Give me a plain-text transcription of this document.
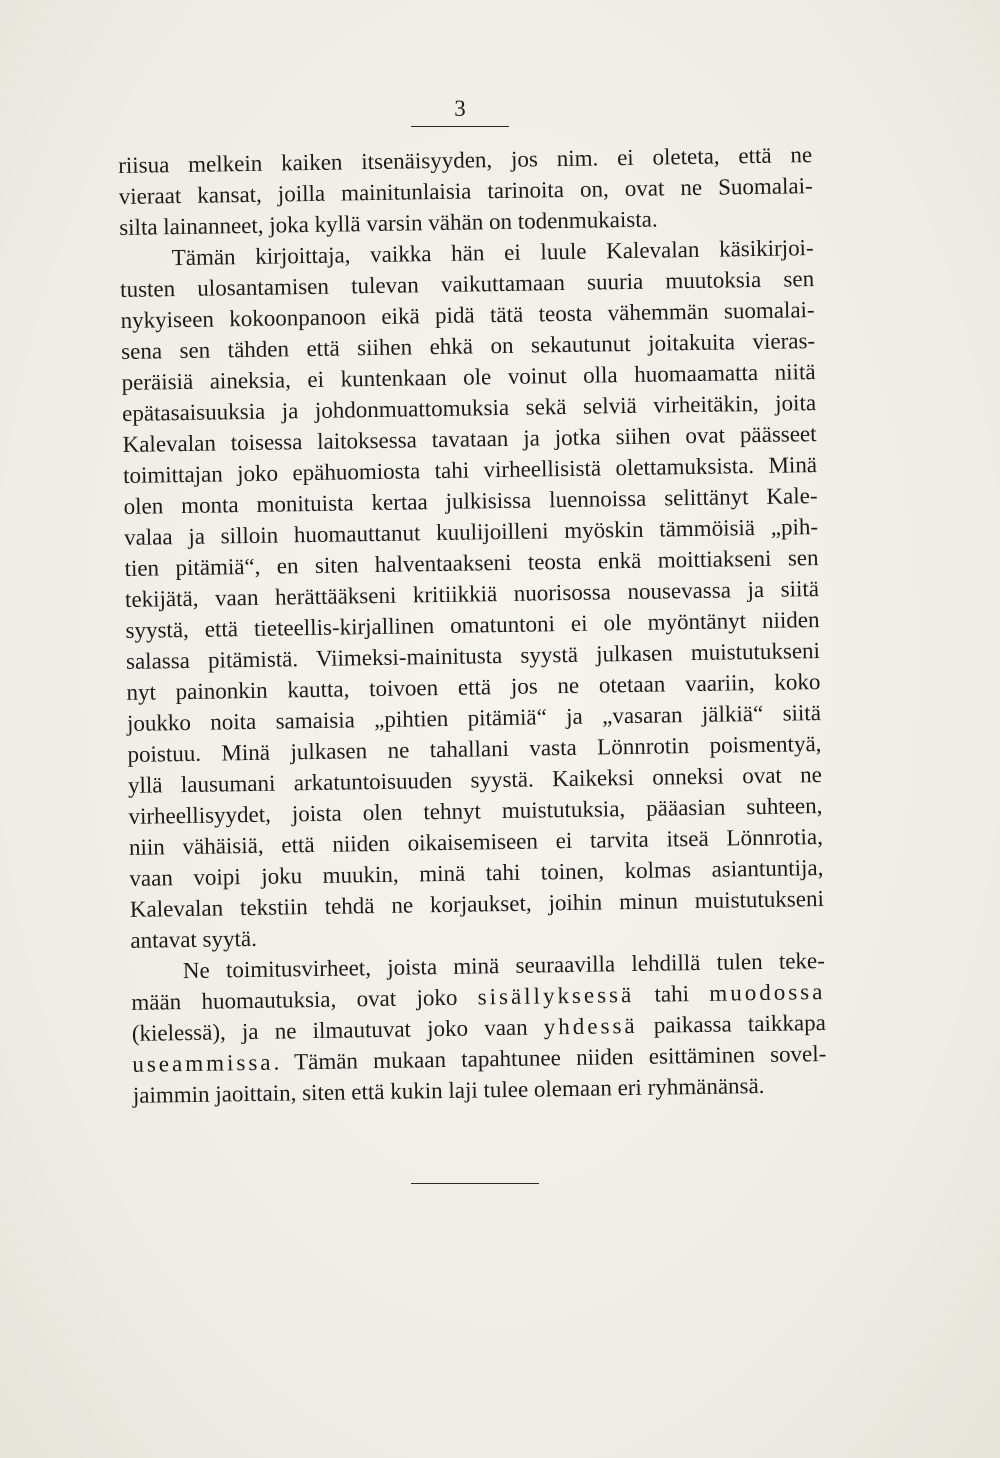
3
riisua melkein kaiken itsenäisyyden, jos nim. ei oleteta, että ne
vieraat kansat, joilla mainitunlaisia tarinoita on, ovat ne Suomalai-
silta lainanneet, joka kyllä varsin vähän on todenmukaista.
Tämän kirjoittaja, vaikka hän ei luule Kalevalan käsikirjoi-
tusten ulosantamisen tulevan vaikuttamaan suuria muutoksia sen
nykyiseen kokoonpanoon eikä pidä tätä teosta vähemmän suomalai-
sena sen tähden että siihen ehkä on sekautunut joitakuita vieras-
peräisiä aineksia, ei kuntenkaan ole voinut olla huomaamatta niitä
epätasaisuuksia ja johdonmuattomuksia sekä selviä virheitäkin, joita
Kalevalan toisessa laitoksessa tavataan ja jotka siihen ovat päässeet
toimittajan joko epähuomiosta tahi virheellisistä olettamuksista. Minä
olen monta monituista kertaa julkisissa luennoissa selittänyt Kale-
valaa ja silloin huomauttanut kuulijoilleni myöskin tämmöisiä „pih-
tien pitämiä“, en siten halventaakseni teosta enkä moittiakseni sen
tekijätä, vaan herättääkseni kritiikkiä nuorisossa nousevassa ja siitä
syystä, että tieteellis-kirjallinen omatuntoni ei ole myöntänyt niiden
salassa pitämistä. Viimeksi-mainitusta syystä julkasen muistutukseni
nyt painonkin kautta, toivoen että jos ne otetaan vaariin, koko
joukko noita samaisia „pihtien pitämiä“ ja „vasaran jälkiä“ siitä
poistuu. Minä julkasen ne tahallani vasta Lönnrotin poismentyä,
yllä lausumani arkatuntoisuuden syystä. Kaikeksi onneksi ovat ne
virheellisyydet, joista olen tehnyt muistutuksia, pääasian suhteen,
niin vähäisiä, että niiden oikaisemiseen ei tarvita itseä Lönnrotia,
vaan voipi joku muukin, minä tahi toinen, kolmas asiantuntija,
Kalevalan tekstiin tehdä ne korjaukset, joihin minun muistutukseni
antavat syytä.
Ne toimitusvirheet, joista minä seuraavilla lehdillä tulen teke-
mään huomautuksia, ovat joko sisällyksessä tahi muodossa
(kielessä), ja ne ilmautuvat joko vaan yhdessä paikassa taikkapa
useammissa. Tämän mukaan tapahtunee niiden esittäminen sovel-
jaimmin jaoittain, siten että kukin laji tulee olemaan eri ryhmänänsä.
